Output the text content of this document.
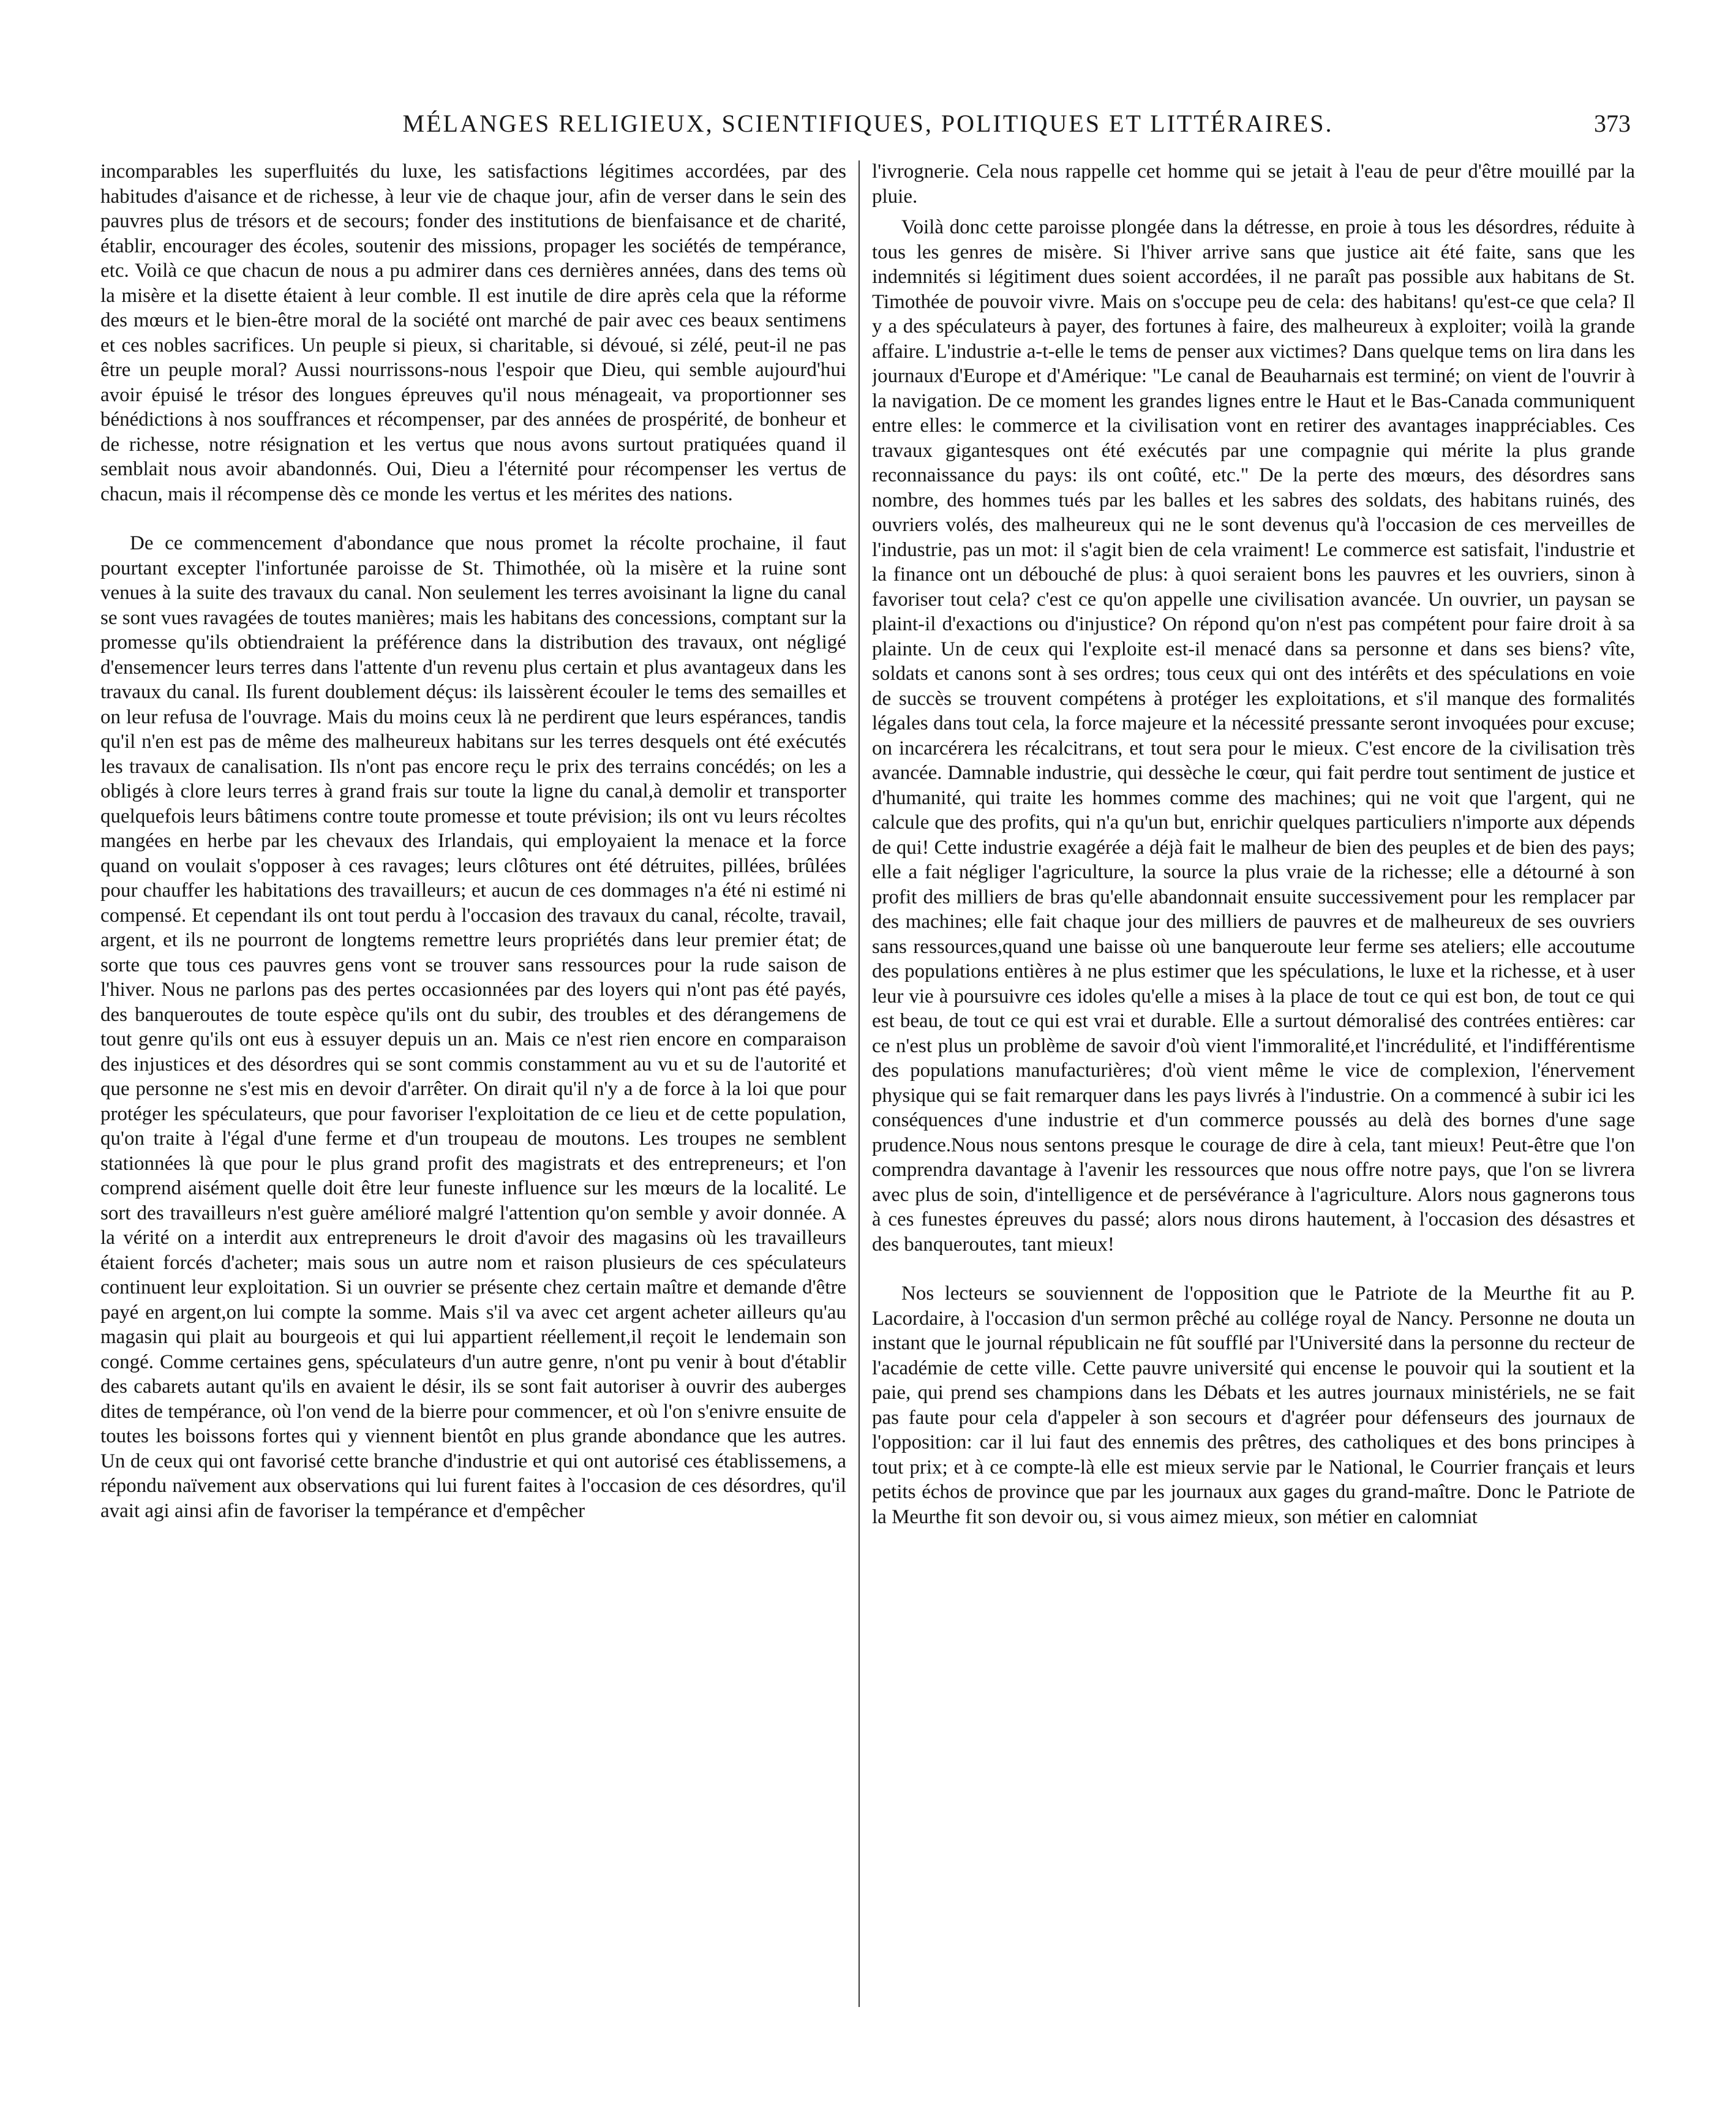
MÉLANGES RELIGIEUX, SCIENTIFIQUES, POLITIQUES ET LITTÉRAIRES.	373

incomparables les superfluités du luxe, les satisfactions légitimes accordées, par des habitudes d'aisance et de richesse, à leur vie de chaque jour, afin de verser dans le sein des pauvres plus de trésors et de secours; fonder des institutions de bienfaisance et de charité, établir, encourager des écoles, soutenir des missions, propager les sociétés de tempérance, etc. Voilà ce que chacun de nous a pu admirer dans ces dernières années, dans des tems où la misère et la disette étaient à leur comble. Il est inutile de dire après cela que la réforme des mœurs et le bien-être moral de la société ont marché de pair avec ces beaux sentimens et ces nobles sacrifices. Un peuple si pieux, si charitable, si dévoué, si zélé, peut-il ne pas être un peuple moral? Aussi nourrissons-nous l'espoir que Dieu, qui semble aujourd'hui avoir épuisé le trésor des longues épreuves qu'il nous ménageait, va proportionner ses bénédictions à nos souffrances et récompenser, par des années de prospérité, de bonheur et de richesse, notre résignation et les vertus que nous avons surtout pratiquées quand il semblait nous avoir abandonnés. Oui, Dieu a l'éternité pour récompenser les vertus de chacun, mais il récompense dès ce monde les vertus et les mérites des nations.

De ce commencement d'abondance que nous promet la récolte prochaine, il faut pourtant excepter l'infortunée paroisse de St. Thimothée, où la misère et la ruine sont venues à la suite des travaux du canal. Non seulement les terres avoisinant la ligne du canal se sont vues ravagées de toutes manières; mais les habitans des concessions, comptant sur la promesse qu'ils obtiendraient la préférence dans la distribution des travaux, ont négligé d'ensemencer leurs terres dans l'attente d'un revenu plus certain et plus avantageux dans les travaux du canal. Ils furent doublement déçus: ils laissèrent écouler le tems des semailles et on leur refusa de l'ouvrage. Mais du moins ceux là ne perdirent que leurs espérances, tandis qu'il n'en est pas de même des malheureux habitans sur les terres desquels ont été exécutés les travaux de canalisation. Ils n'ont pas encore reçu le prix des terrains concédés; on les a obligés à clore leurs terres à grand frais sur toute la ligne du canal,à demolir et transporter quelquefois leurs bâtimens contre toute promesse et toute prévision; ils ont vu leurs récoltes mangées en herbe par les chevaux des Irlandais, qui employaient la menace et la force quand on voulait s'opposer à ces ravages; leurs clôtures ont été détruites, pillées, brûlées pour chauffer les habitations des travailleurs; et aucun de ces dommages n'a été ni estimé ni compensé. Et cependant ils ont tout perdu à l'occasion des travaux du canal, récolte, travail, argent, et ils ne pourront de longtems remettre leurs propriétés dans leur premier état; de sorte que tous ces pauvres gens vont se trouver sans ressources pour la rude saison de l'hiver. Nous ne parlons pas des pertes occasionnées par des loyers qui n'ont pas été payés, des banqueroutes de toute espèce qu'ils ont du subir, des troubles et des dérangemens de tout genre qu'ils ont eus à essuyer depuis un an. Mais ce n'est rien encore en comparaison des injustices et des désordres qui se sont commis constamment au vu et su de l'autorité et que personne ne s'est mis en devoir d'arrêter. On dirait qu'il n'y a de force à la loi que pour protéger les spéculateurs, que pour favoriser l'exploitation de ce lieu et de cette population, qu'on traite à l'égal d'une ferme et d'un troupeau de moutons. Les troupes ne semblent stationnées là que pour le plus grand profit des magistrats et des entrepreneurs; et l'on comprend aisément quelle doit être leur funeste influence sur les mœurs de la localité. Le sort des travailleurs n'est guère amélioré malgré l'attention qu'on semble y avoir donnée. A la vérité on a interdit aux entrepreneurs le droit d'avoir des magasins où les travailleurs étaient forcés d'acheter; mais sous un autre nom et raison plusieurs de ces spéculateurs continuent leur exploitation. Si un ouvrier se présente chez certain maître et demande d'être payé en argent,on lui compte la somme. Mais s'il va avec cet argent acheter ailleurs qu'au magasin qui plait au bourgeois et qui lui appartient réellement,il reçoit le lendemain son congé. Comme certaines gens, spéculateurs d'un autre genre, n'ont pu venir à bout d'établir des cabarets autant qu'ils en avaient le désir, ils se sont fait autoriser à ouvrir des auberges dites de tempérance, où l'on vend de la bierre pour commencer, et où l'on s'enivre ensuite de toutes les boissons fortes qui y viennent bientôt en plus grande abondance que les autres. Un de ceux qui ont favorisé cette branche d'industrie et qui ont autorisé ces établissemens, a répondu naïvement aux observations qui lui furent faites à l'occasion de ces désordres, qu'il avait agi ainsi afin de favoriser la tempérance et d'empêcher

l'ivrognerie. Cela nous rappelle cet homme qui se jetait à l'eau de peur d'être mouillé par la pluie.

Voilà donc cette paroisse plongée dans la détresse, en proie à tous les désordres, réduite à tous les genres de misère. Si l'hiver arrive sans que justice ait été faite, sans que les indemnités si légitiment dues soient accordées, il ne paraît pas possible aux habitans de St. Timothée de pouvoir vivre. Mais on s'occupe peu de cela: des habitans! qu'est-ce que cela? Il y a des spéculateurs à payer, des fortunes à faire, des malheureux à exploiter; voilà la grande affaire. L'industrie a-t-elle le tems de penser aux victimes? Dans quelque tems on lira dans les journaux d'Europe et d'Amérique: "Le canal de Beauharnais est terminé; on vient de l'ouvrir à la navigation. De ce moment les grandes lignes entre le Haut et le Bas-Canada communiquent entre elles: le commerce et la civilisation vont en retirer des avantages inappréciables. Ces travaux gigantesques ont été exécutés par une compagnie qui mérite la plus grande reconnaissance du pays: ils ont coûté, etc." De la perte des mœurs, des désordres sans nombre, des hommes tués par les balles et les sabres des soldats, des habitans ruinés, des ouvriers volés, des malheureux qui ne le sont devenus qu'à l'occasion de ces merveilles de l'industrie, pas un mot: il s'agit bien de cela vraiment! Le commerce est satisfait, l'industrie et la finance ont un débouché de plus: à quoi seraient bons les pauvres et les ouvriers, sinon à favoriser tout cela? c'est ce qu'on appelle une civilisation avancée. Un ouvrier, un paysan se plaint-il d'exactions ou d'injustice? On répond qu'on n'est pas compétent pour faire droit à sa plainte. Un de ceux qui l'exploite est-il menacé dans sa personne et dans ses biens? vîte, soldats et canons sont à ses ordres; tous ceux qui ont des intérêts et des spéculations en voie de succès se trouvent compétens à protéger les exploitations, et s'il manque des formalités légales dans tout cela, la force majeure et la nécessité pressante seront invoquées pour excuse; on incarcérera les récalcitrans, et tout sera pour le mieux. C'est encore de la civilisation très avancée. Damnable industrie, qui dessèche le cœur, qui fait perdre tout sentiment de justice et d'humanité, qui traite les hommes comme des machines; qui ne voit que l'argent, qui ne calcule que des profits, qui n'a qu'un but, enrichir quelques particuliers n'importe aux dépends de qui! Cette industrie exagérée a déjà fait le malheur de bien des peuples et de bien des pays; elle a fait négliger l'agriculture, la source la plus vraie de la richesse; elle a détourné à son profit des milliers de bras qu'elle abandonnait ensuite successivement pour les remplacer par des machines; elle fait chaque jour des milliers de pauvres et de malheureux de ses ouvriers sans ressources,quand une baisse où une banqueroute leur ferme ses ateliers; elle accoutume des populations entières à ne plus estimer que les spéculations, le luxe et la richesse, et à user leur vie à poursuivre ces idoles qu'elle a mises à la place de tout ce qui est bon, de tout ce qui est beau, de tout ce qui est vrai et durable. Elle a surtout démoralisé des contrées entières: car ce n'est plus un problème de savoir d'où vient l'immoralité,et l'incrédulité, et l'indifférentisme des populations manufacturières; d'où vient même le vice de complexion, l'énervement physique qui se fait remarquer dans les pays livrés à l'industrie. On a commencé à subir ici les conséquences d'une industrie et d'un commerce poussés au delà des bornes d'une sage prudence.Nous nous sentons presque le courage de dire à cela, tant mieux! Peut-être que l'on comprendra davantage à l'avenir les ressources que nous offre notre pays, que l'on se livrera avec plus de soin, d'intelligence et de persévérance à l'agriculture. Alors nous gagnerons tous à ces funestes épreuves du passé; alors nous dirons hautement, à l'occasion des désastres et des banqueroutes, tant mieux!

Nos lecteurs se souviennent de l'opposition que le Patriote de la Meurthe fit au P. Lacordaire, à l'occasion d'un sermon prêché au collége royal de Nancy. Personne ne douta un instant que le journal républicain ne fût soufflé par l'Université dans la personne du recteur de l'académie de cette ville. Cette pauvre université qui encense le pouvoir qui la soutient et la paie, qui prend ses champions dans les Débats et les autres journaux ministériels, ne se fait pas faute pour cela d'appeler à son secours et d'agréer pour défenseurs des journaux de l'opposition: car il lui faut des ennemis des prêtres, des catholiques et des bons principes à tout prix; et à ce compte-là elle est mieux servie par le National, le Courrier français et leurs petits échos de province que par les journaux aux gages du grand-maître. Donc le Patriote de la Meurthe fit son devoir ou, si vous aimez mieux, son métier en calomniat
